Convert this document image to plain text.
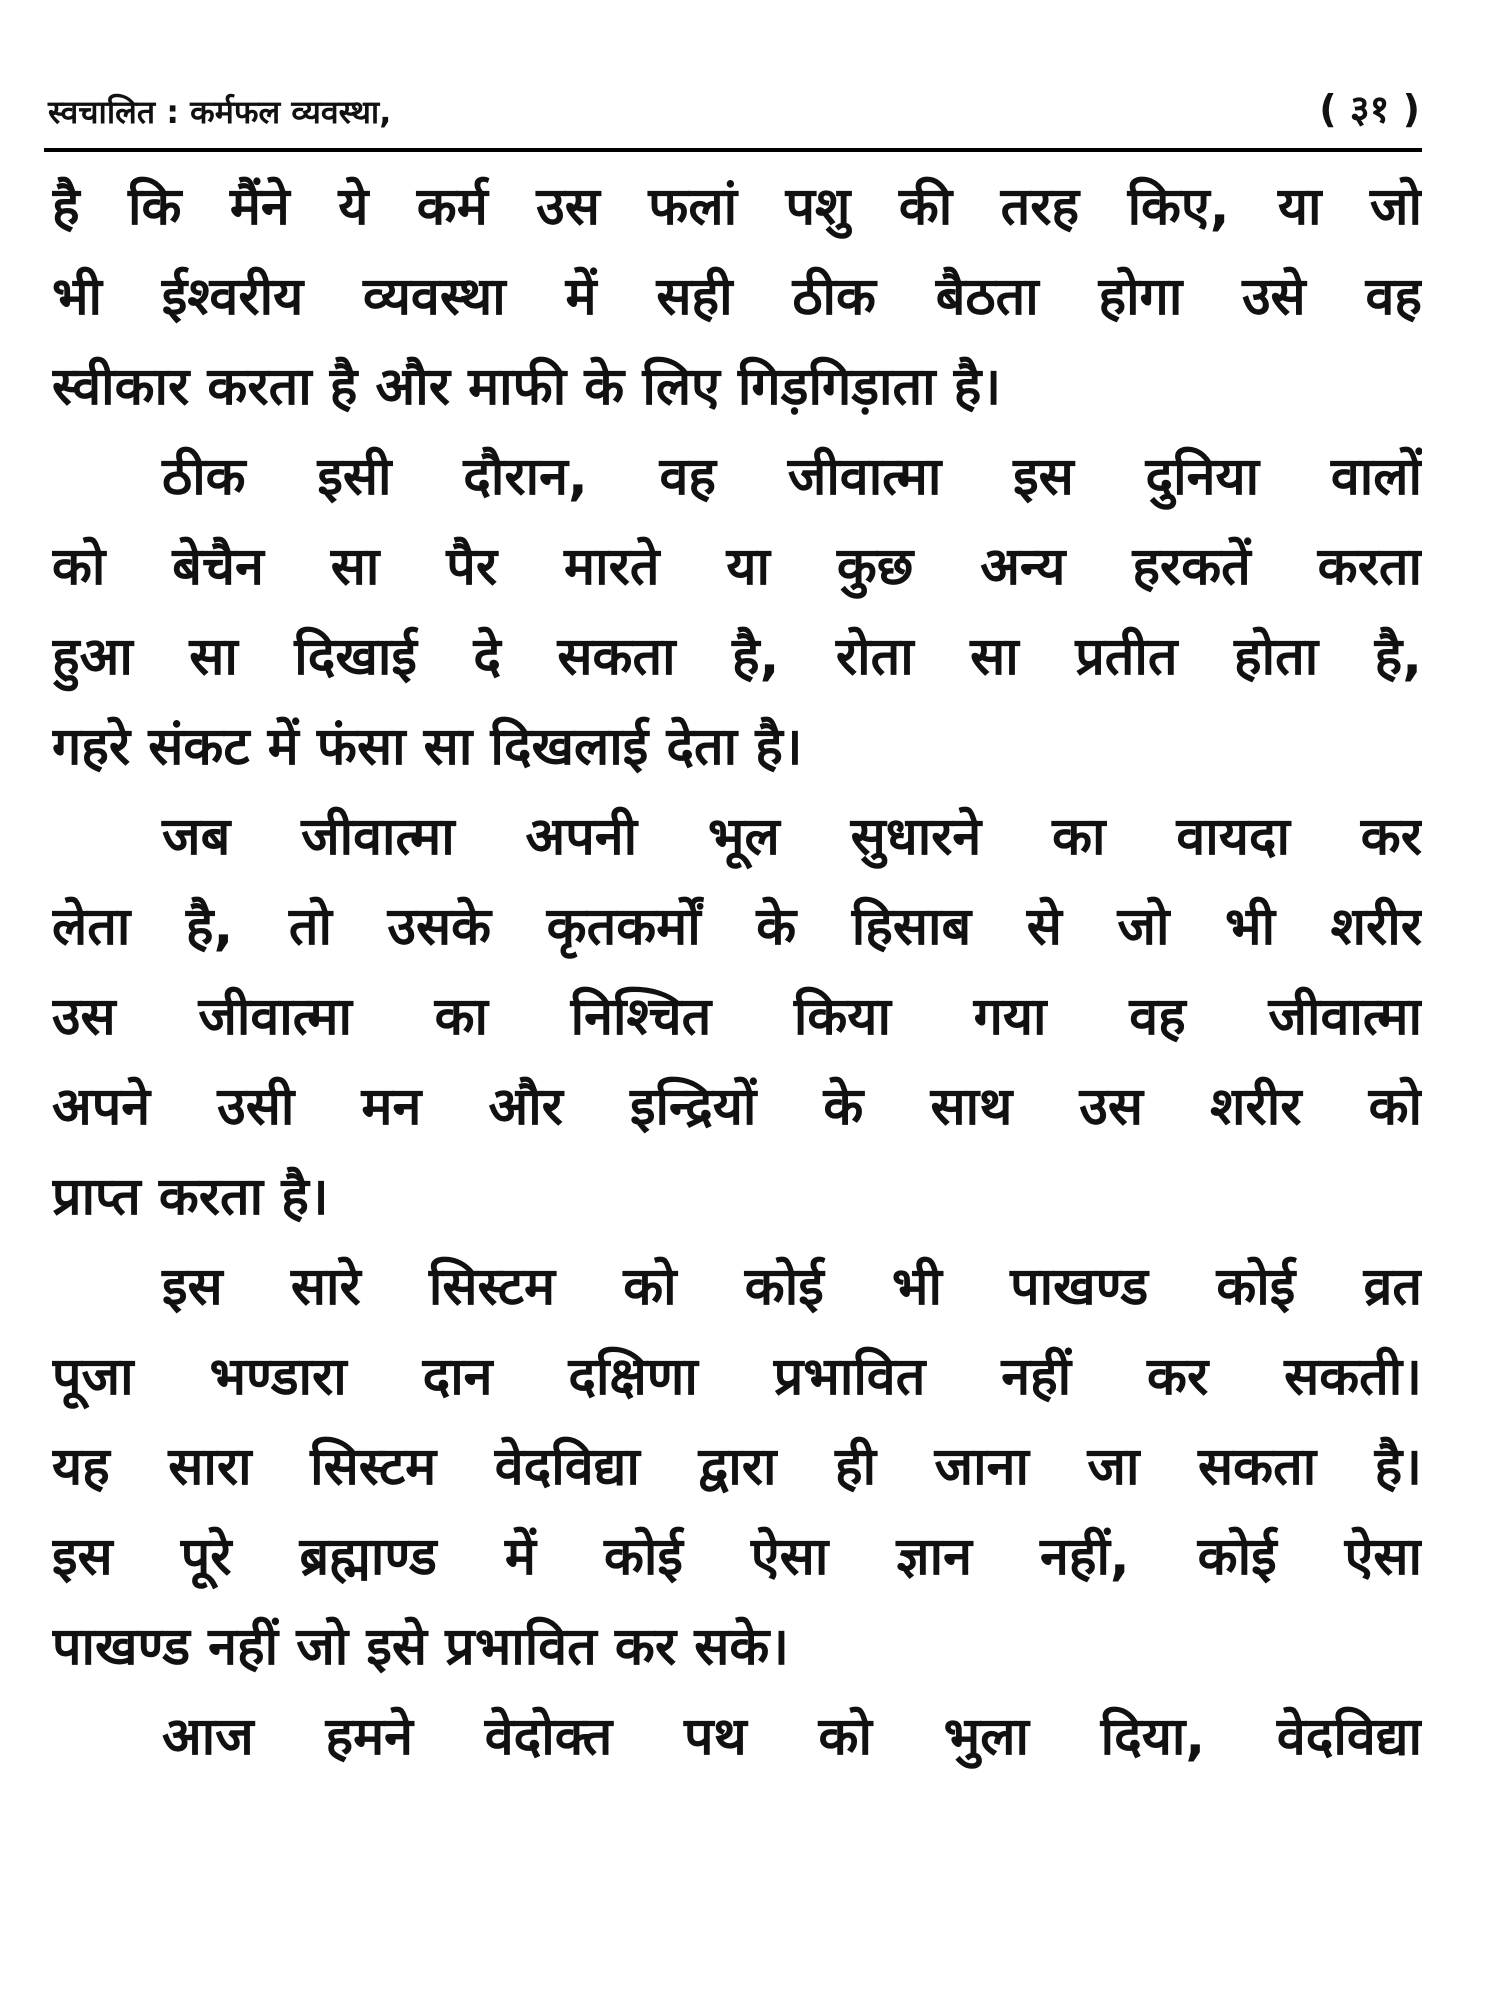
स्वचालित : कर्मफल व्यवस्था,	( ३१ )
है कि मैंने ये कर्म उस फलां पशु की तरह किए, या जो
भी ईश्वरीय व्यवस्था में सही ठीक बैठता होगा उसे वह
स्वीकार करता है और माफी के लिए गिड़गिड़ाता है।
ठीक इसी दौरान, वह जीवात्मा इस दुनिया वालों
को बेचैन सा पैर मारते या कुछ अन्य हरकतें करता
हुआ सा दिखाई दे सकता है, रोता सा प्रतीत होता है,
गहरे संकट में फंसा सा दिखलाई देता है।
जब जीवात्मा अपनी भूल सुधारने का वायदा कर
लेता है, तो उसके कृतकर्मों के हिसाब से जो भी शरीर
उस जीवात्मा का निश्चित किया गया वह जीवात्मा
अपने उसी मन और इन्द्रियों के साथ उस शरीर को
प्राप्त करता है।
इस सारे सिस्टम को कोई भी पाखण्ड कोई व्रत
पूजा भण्डारा दान दक्षिणा प्रभावित नहीं कर सकती।
यह सारा सिस्टम वेदविद्या द्वारा ही जाना जा सकता है।
इस पूरे ब्रह्माण्ड में कोई ऐसा ज्ञान नहीं, कोई ऐसा
पाखण्ड नहीं जो इसे प्रभावित कर सके।
आज हमने वेदोक्त पथ को भुला दिया, वेदविद्या
